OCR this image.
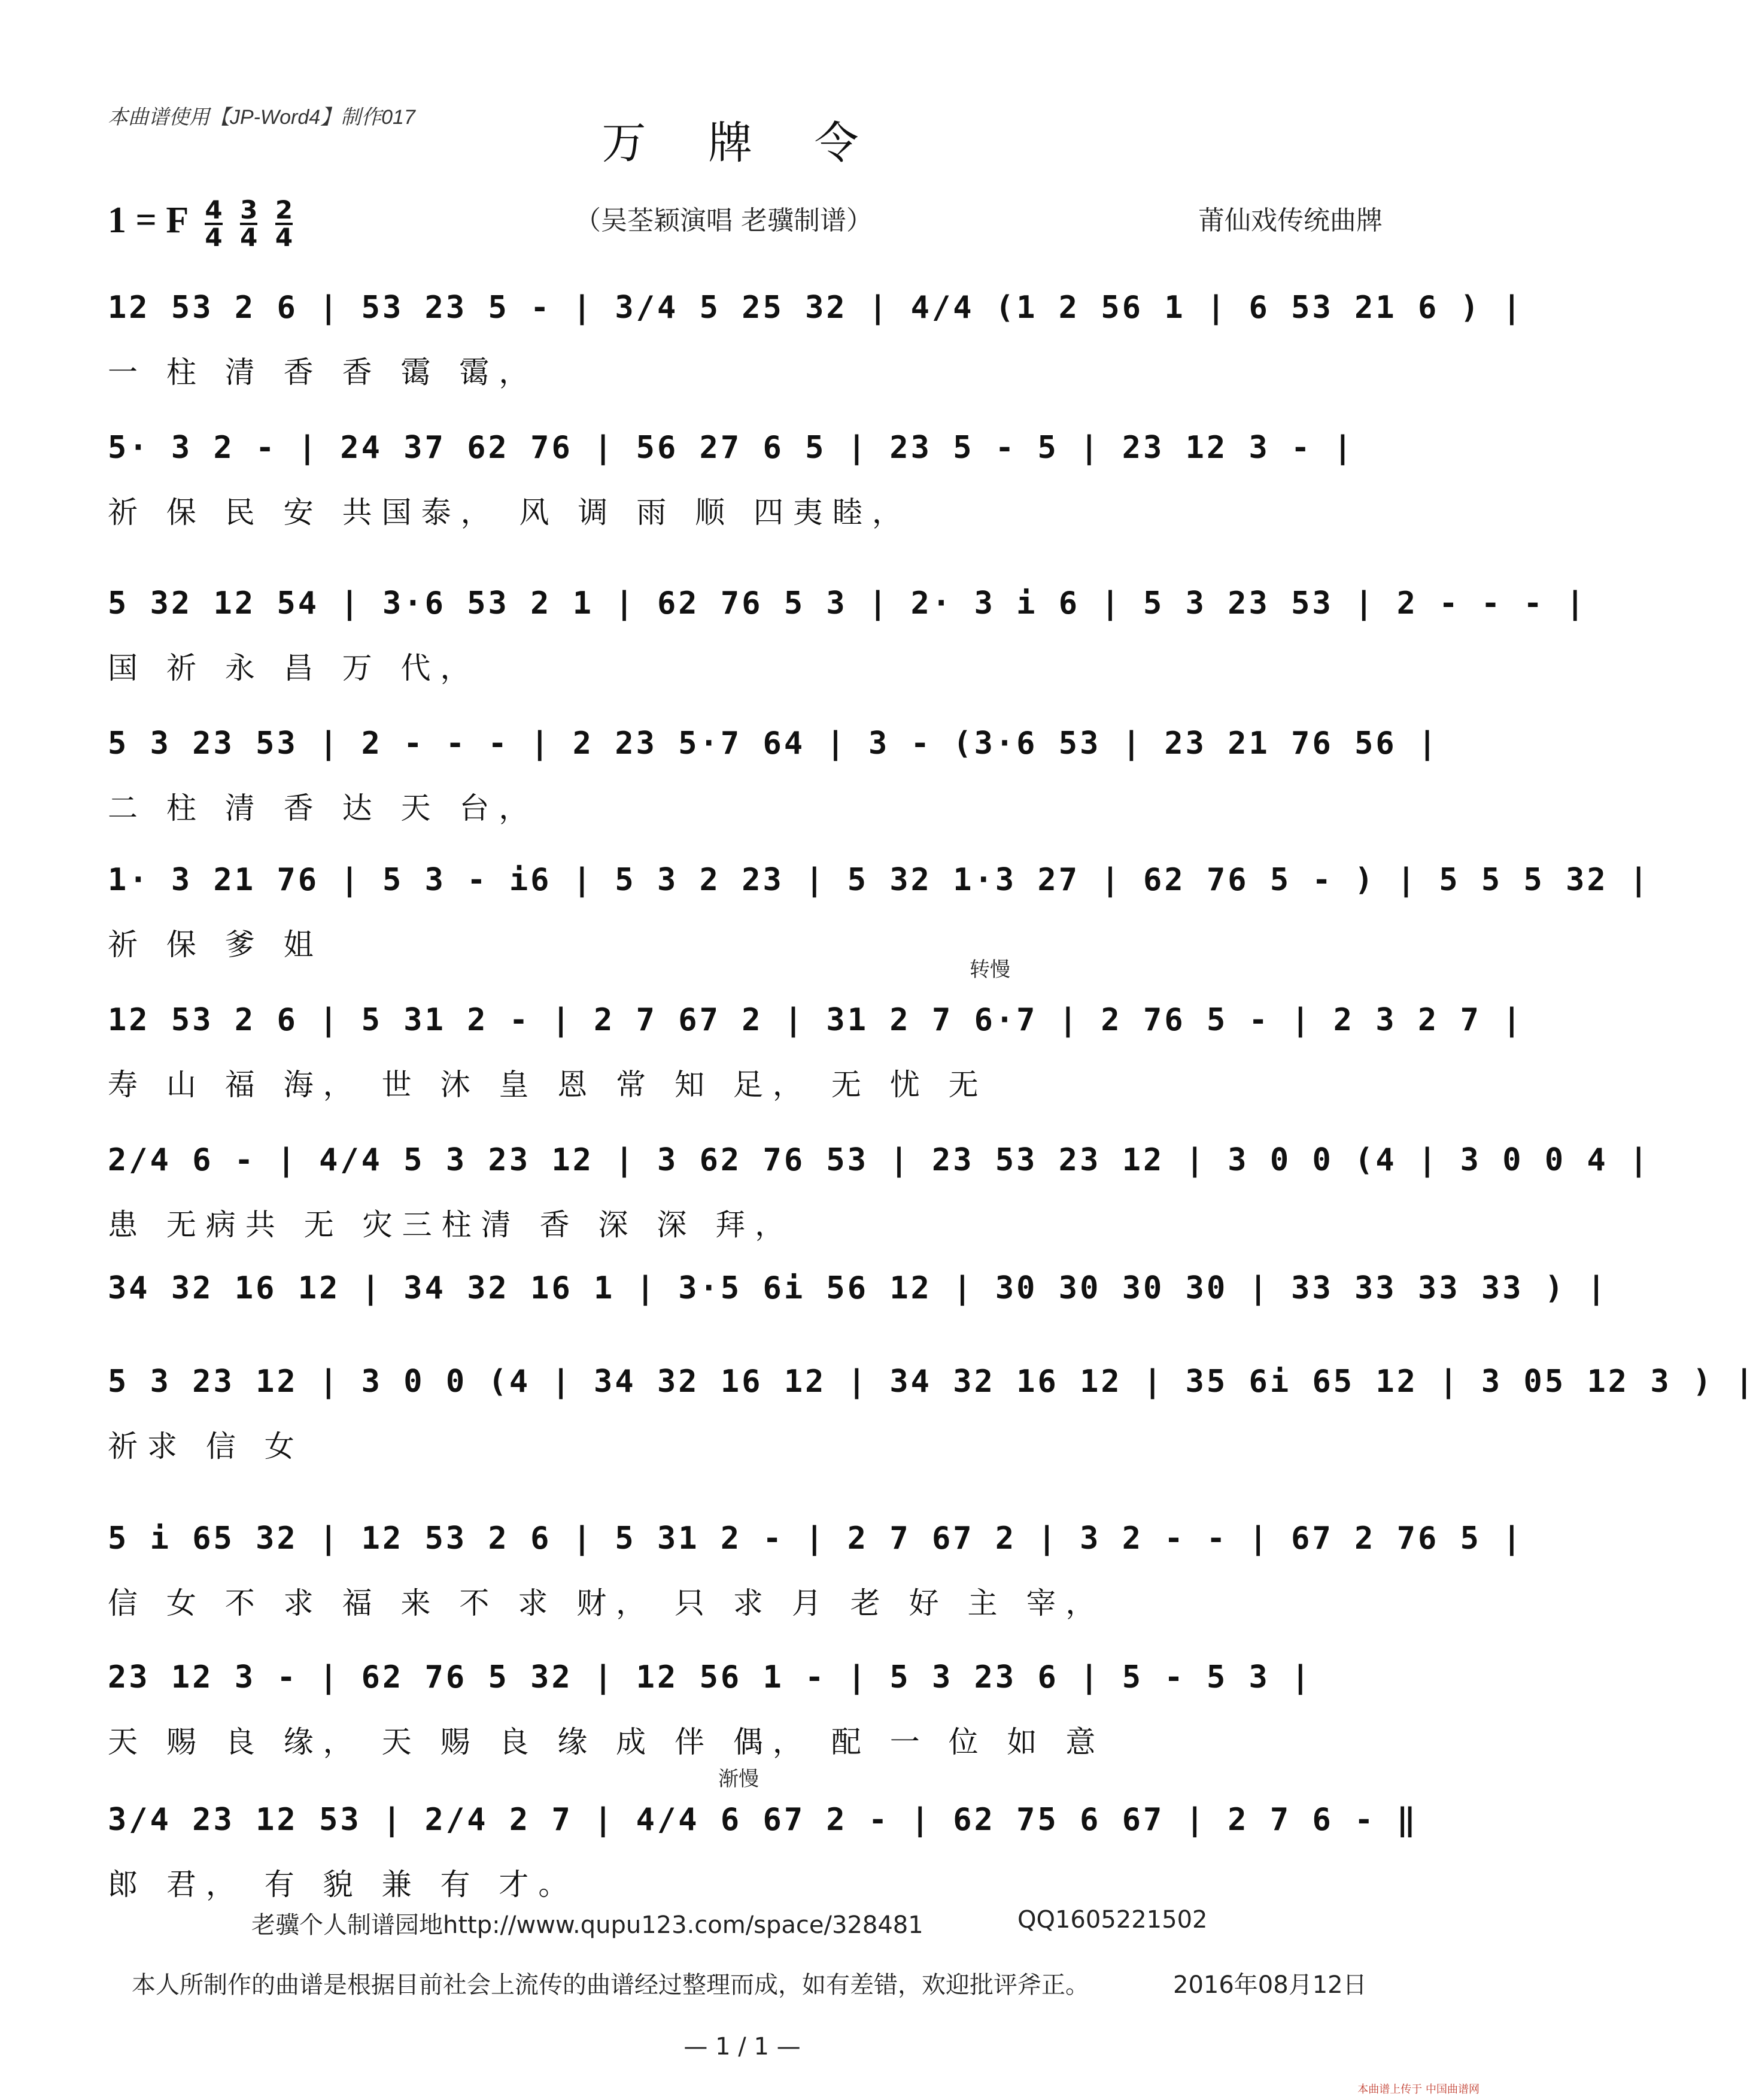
本曲谱使用【JP-Word4】制作017	万 牌 令
1 = F $\frac{4}{4}$
$\frac{3}{4}$
$\frac{2}{4}$	（吴荃颖演唱 老骥制谱）	莆仙戏传统曲牌
12 53 2 6 | 53 23 5 - | 3/4 5 25 32 | 4/4 (1 2 56 1 | 6 53 21 6 ) |
一 柱 清 香 香 霭 霭，
5· 3 2 - | 24 37 62 76 | 56 27 6 5 | 23 5 - 5 | 23 12 3 - |
祈 保 民 安 共国泰， 风 调 雨 顺 四夷睦，
5 32 12 54 | 3·6 53 2 1 | 62 76 5 3 | 2· 3 i 6 | 5 3 23 53 | 2 - - - |
国 祈 永 昌 万 代，
5 3 23 53 | 2 - - - | 2 23 5·7 64 | 3 - (3·6 53 | 23 21 76 56 |
二 柱 清 香 达 天 台，
1· 3 21 76 | 5 3 - i6 | 5 3 2 23 | 5 32 1·3 27 | 62 76 5 - ) | 5 5 5 32 |
祈 保 爹 姐
转慢
12 53 2 6 | 5 31 2 - | 2 7 67 2 | 31 2 7 6·7 | 2 76 5 - | 2 3 2 7 |
寿 山 福 海， 世 沐 皇 恩 常 知 足， 无 忧 无
2/4 6 - | 4/4 5 3 23 12 | 3 62 76 53 | 23 53 23 12 | 3 0 0 (4 | 3 0 0 4 |
患 无病共 无 灾三柱清 香 深 深 拜，
34 32 16 12 | 34 32 16 1 | 3·5 6i 56 12 | 30 30 30 30 | 33 33 33 33 ) |
5 3 23 12 | 3 0 0 (4 | 34 32 16 12 | 34 32 16 12 | 35 6i 65 12 | 3 05 12 3 ) |
祈求 信 女
5 i 65 32 | 12 53 2 6 | 5 31 2 - | 2 7 67 2 | 3 2 - - | 67 2 76 5 |
信 女 不 求 福 来 不 求 财， 只 求 月 老 好 主 宰，
23 12 3 - | 62 76 5 32 | 12 56 1 - | 5 3 23 6 | 5 - 5 3 |
天 赐 良 缘， 天 赐 良 缘 成 伴 偶， 配 一 位 如 意
渐慢
3/4 23 12 53 | 2/4 2 7 | 4/4 6 67 2 - | 62 75 6 67 | 2 7 6 - ‖
郎 君， 有 貌 兼 有 才。
老骥个人制谱园地http://www.qupu123.com/space/328481	QQ1605221502
本人所制作的曲谱是根据目前社会上流传的曲谱经过整理而成，如有差错，欢迎批评斧正。	2016年08月12日
— 1 / 1 —
本曲谱上传于 中国曲谱网
